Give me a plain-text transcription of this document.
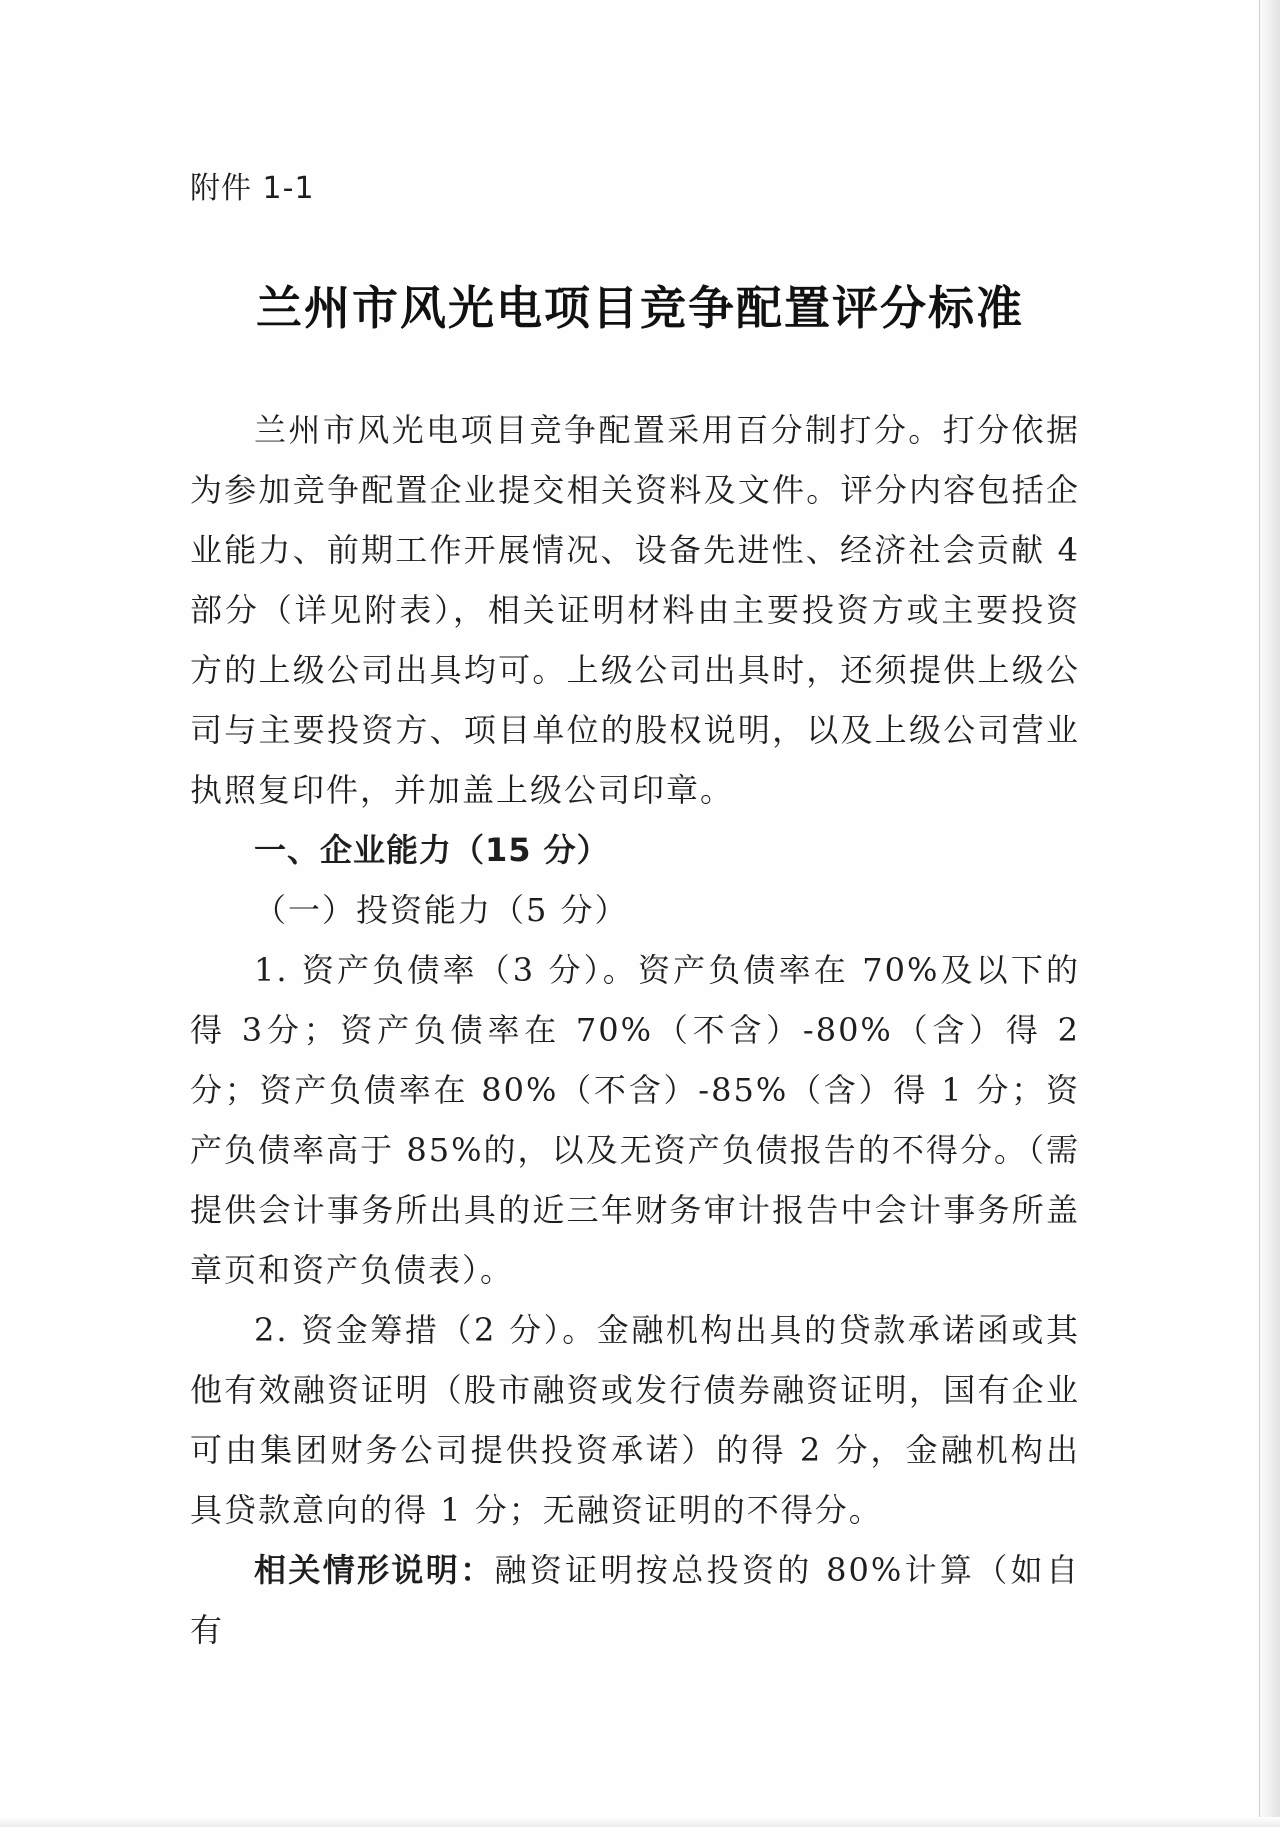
附件 1-1
兰州市风光电项目竞争配置评分标准

兰州市风光电项目竞争配置采用百分制打分。打分依据为参加竞争配置企业提交相关资料及文件。评分内容包括企业能力、前期工作开展情况、设备先进性、经济社会贡献 4 部分（详见附表），相关证明材料由主要投资方或主要投资方的上级公司出具均可。上级公司出具时，还须提供上级公司与主要投资方、项目单位的股权说明，以及上级公司营业执照复印件，并加盖上级公司印章。

一、企业能力（15 分）

（一）投资能力（5 分）

1. 资产负债率（3 分）。资产负债率在 70%及以下的得 3分；资产负债率在 70%（不含）-80%（含）得 2 分；资产负债率在 80%（不含）-85%（含）得 1 分；资产负债率高于 85%的，以及无资产负债报告的不得分。（需提供会计事务所出具的近三年财务审计报告中会计事务所盖章页和资产负债表）。

2. 资金筹措（2 分）。金融机构出具的贷款承诺函或其他有效融资证明（股市融资或发行债券融资证明，国有企业可由集团财务公司提供投资承诺）的得 2 分，金融机构出具贷款意向的得 1 分；无融资证明的不得分。

相关情形说明：融资证明按总投资的 80%计算（如自有
